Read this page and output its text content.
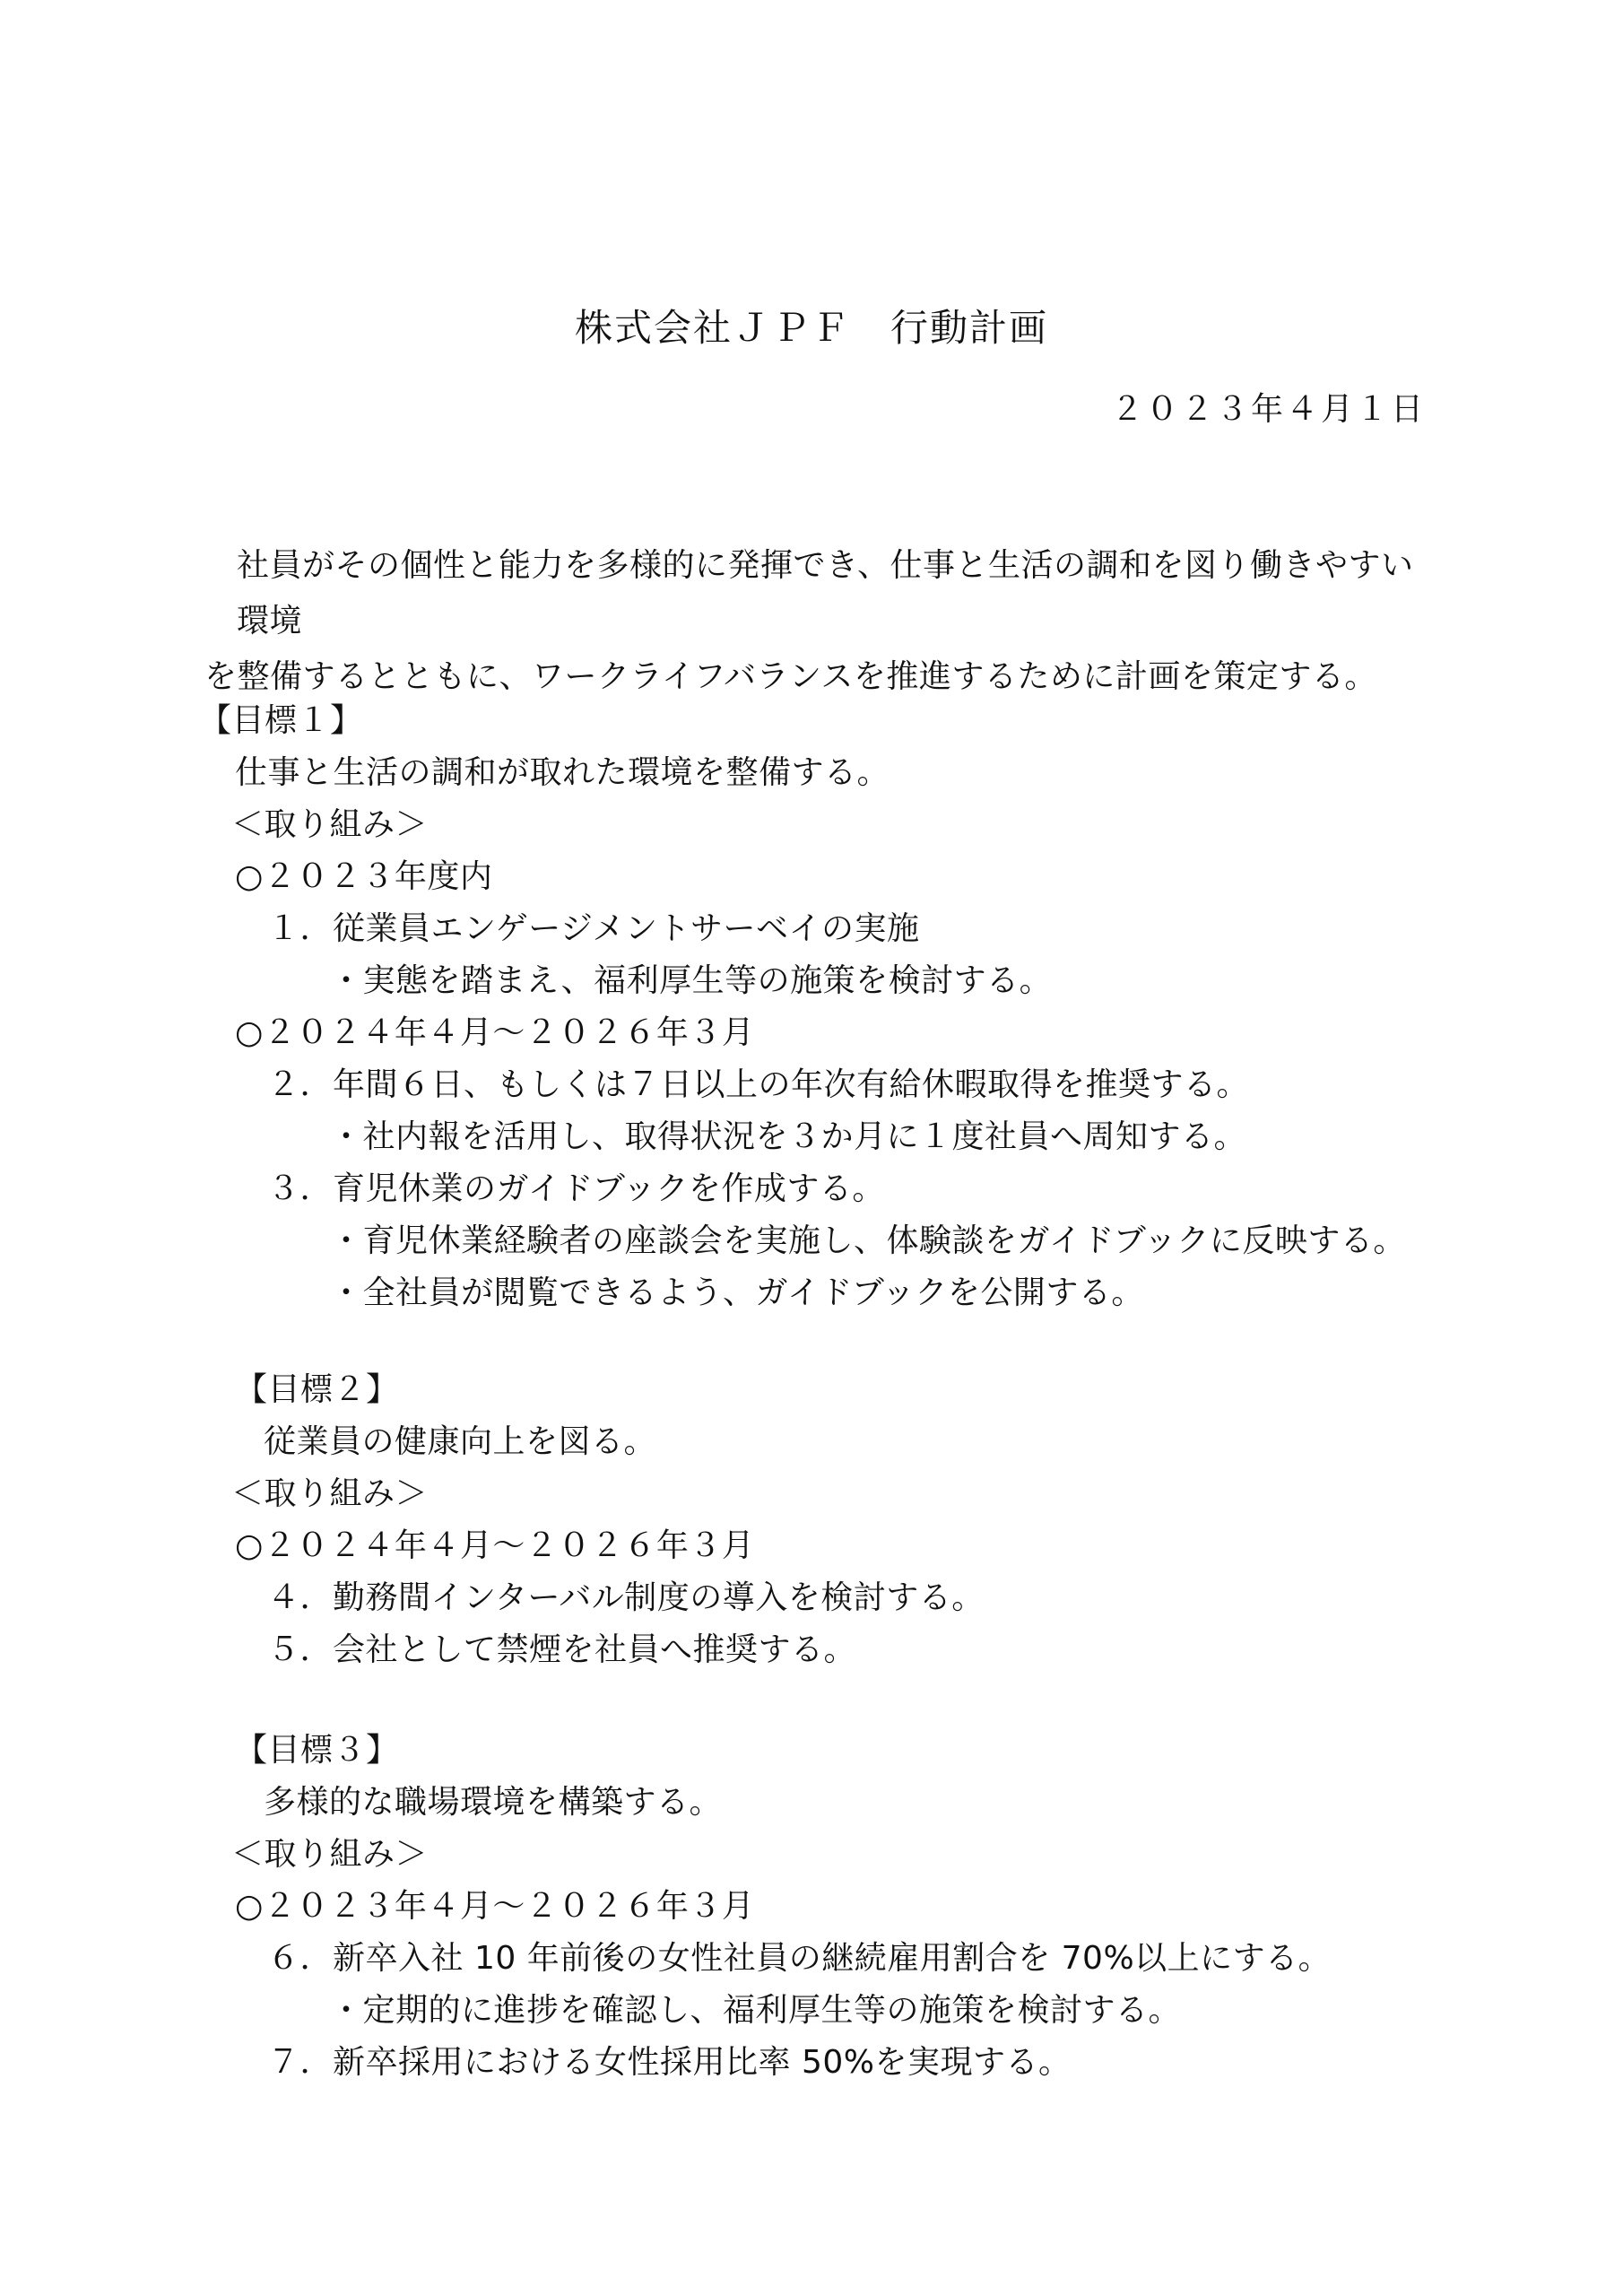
株式会社ＪＰＦ　行動計画
２０２３年４月１日
社員がその個性と能力を多様的に発揮でき、仕事と生活の調和を図り働きやすい環境
を整備するとともに、ワークライフバランスを推進するために計画を策定する。
【目標１】
仕事と生活の調和が取れた環境を整備する。
＜取り組み＞
○２０２３年度内
１．従業員エンゲージメントサーベイの実施
・実態を踏まえ、福利厚生等の施策を検討する。
○２０２４年４月～２０２６年３月
２．年間６日、もしくは７日以上の年次有給休暇取得を推奨する。
・社内報を活用し、取得状況を３か月に１度社員へ周知する。
３．育児休業のガイドブックを作成する。
・育児休業経験者の座談会を実施し、体験談をガイドブックに反映する。
・全社員が閲覧できるよう、ガイドブックを公開する。
【目標２】
従業員の健康向上を図る。
＜取り組み＞
○２０２４年４月～２０２６年３月
４．勤務間インターバル制度の導入を検討する。
５．会社として禁煙を社員へ推奨する。
【目標３】
多様的な職場環境を構築する。
＜取り組み＞
○２０２３年４月～２０２６年３月
６．新卒入社 10 年前後の女性社員の継続雇用割合を 70%以上にする。
・定期的に進捗を確認し、福利厚生等の施策を検討する。
７．新卒採用における女性採用比率 50%を実現する。
